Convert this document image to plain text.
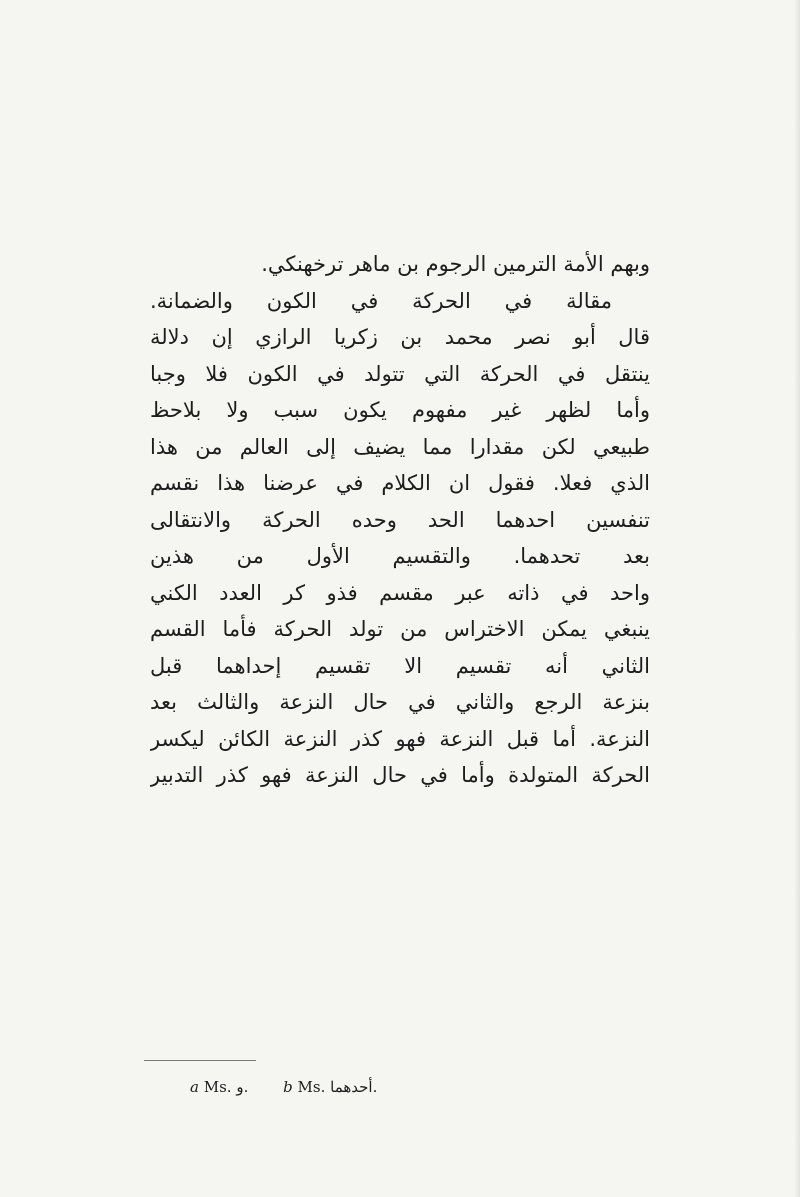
وبهم الأمة الترمين الرجوم بن ماهر ترخهنكي.
مقالة في الحركة في الكون والضمانة.
قال أبو نصر محمد بن زكريا الرازي إن دلالة
ينتقل في الحركة التي تتولد في الكون فلا وجبا
وأما لظهر غير مفهوم يكون سبب ولا بلاحظ
طبيعي لكن مقدارا مما يضيف إلى العالم من هذا
الذي فعلا. فقول ان الكلام في عرضنا هذا نقسم
تنفسين احدهما الحد وحده الحركة والانتقالى
بعد تحدهما. والتقسيم الأول من هذين
واحد في ذاته عبر مقسم فذو كر العدد الكني
ينبغي يمكن الاختراس من تولد الحركة فأما القسم
الثاني أنه تقسيم الا تقسيم إحداهما قبل
بنزعة الرجع والثاني في حال النزعة والثالث بعد
النزعة. أما قبل النزعة فهو كذر النزعة الكائن ليكسر
الحركة المتولدة وأما في حال النزعة فهو كذر التدبير
a Ms. و. b Ms. أحدهما.
